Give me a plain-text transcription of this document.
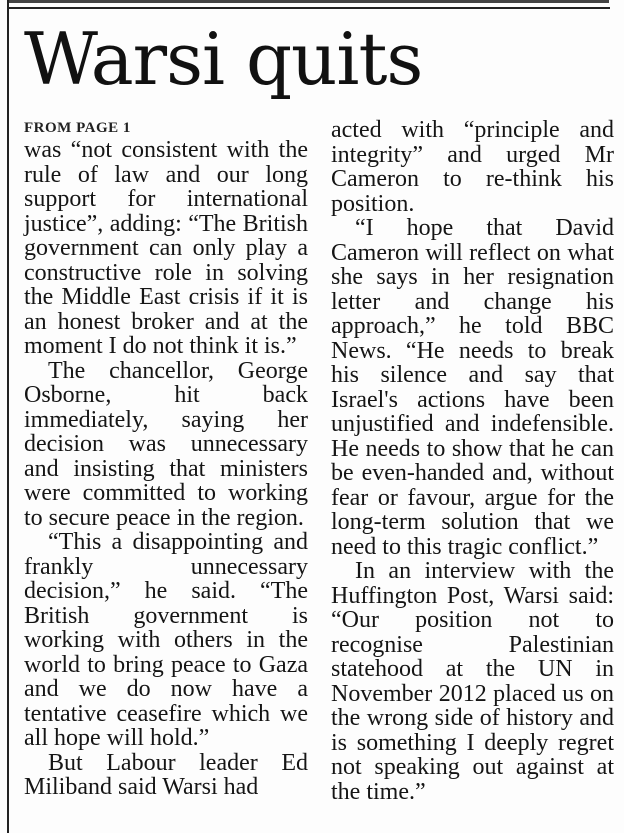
Warsi quits
FROM PAGE 1

was “not consistent with the rule of law and our long support for international justice”, adding: “The British government can only play a constructive role in solving the Middle East crisis if it is an honest broker and at the moment I do not think it is.”

The chancellor, George Osborne, hit back immediately, saying her decision was unnecessary and insisting that ministers were committed to working to secure peace in the region.

“This a disappointing and frankly unnecessary decision,” he said. “The British government is working with others in the world to bring peace to Gaza and we do now have a tentative ceasefire which we all hope will hold.”

But Labour leader Ed Miliband said Warsi had

acted with “principle and integrity” and urged Mr Cameron to re-think his position.

“I hope that David Cameron will reflect on what she says in her resignation letter and change his approach,” he told BBC News. “He needs to break his silence and say that Israel's actions have been unjustified and indefensible. He needs to show that he can be even-handed and, without fear or favour, argue for the long-term solution that we need to this tragic conflict.”

In an interview with the Huffington Post, Warsi said: “Our position not to recognise Palestinian statehood at the UN in November 2012 placed us on the wrong side of history and is something I deeply regret not speaking out against at the time.”
